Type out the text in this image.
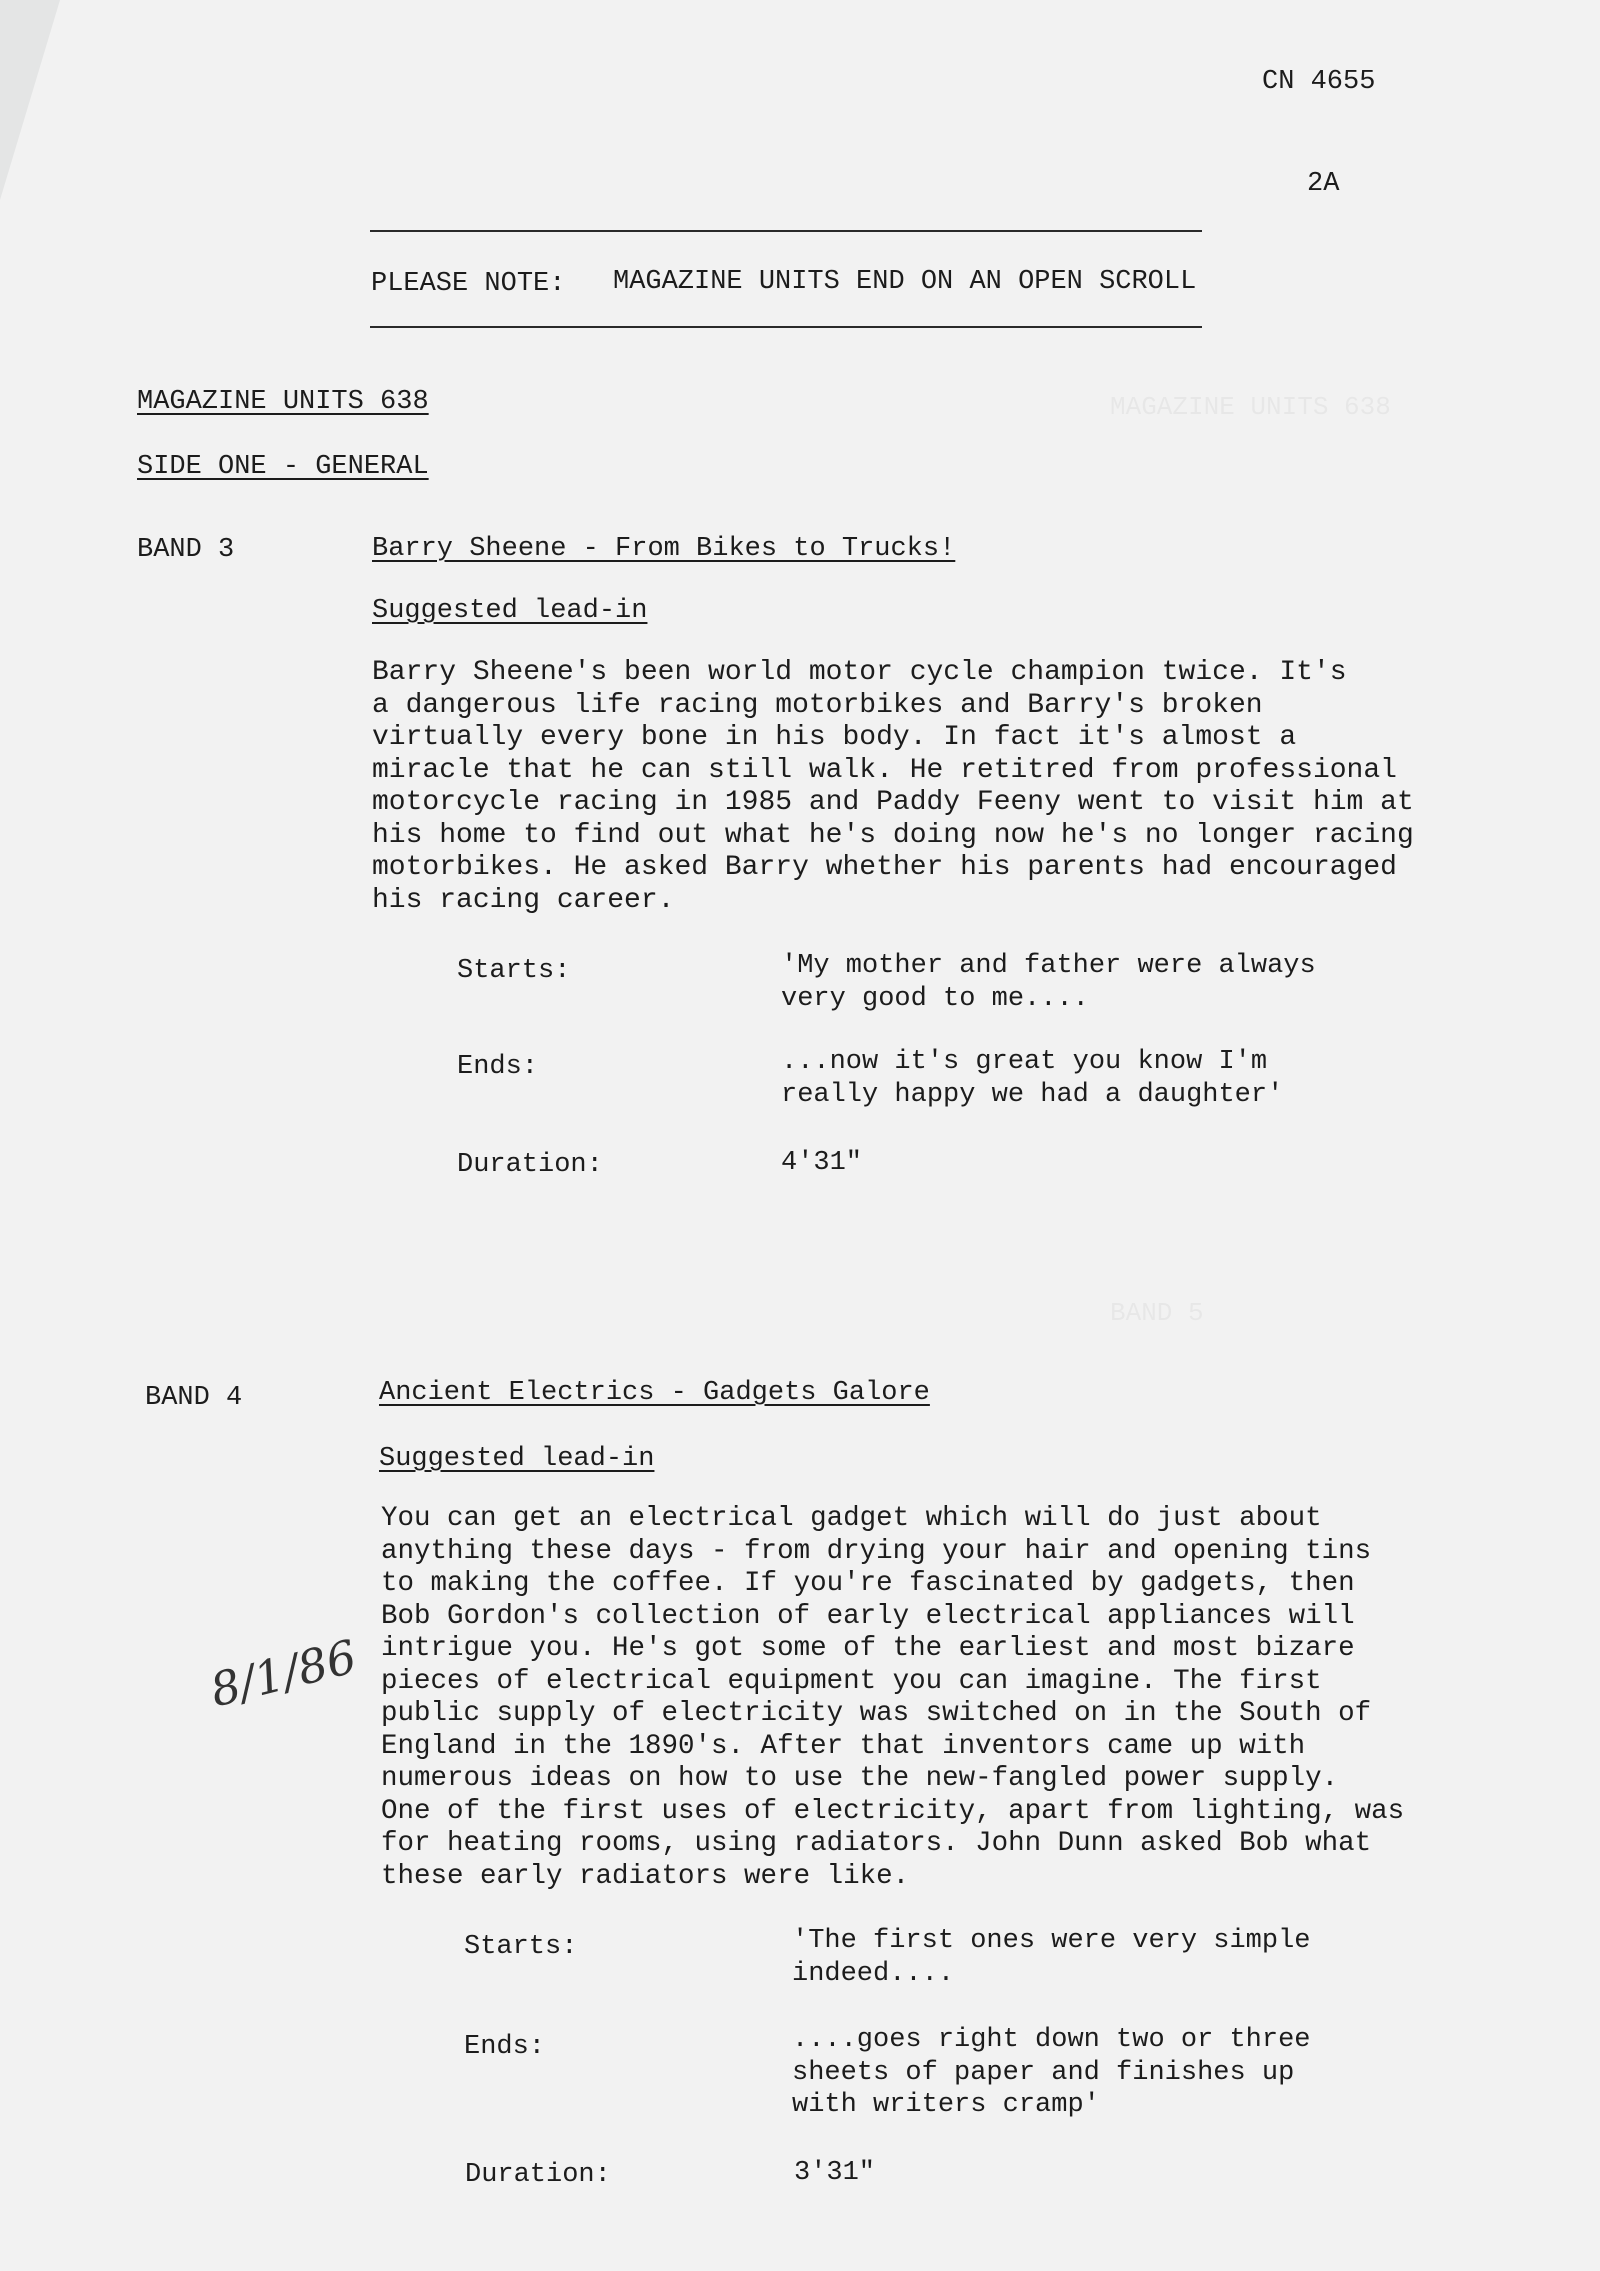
CN 4655
2A
PLEASE NOTE: MAGAZINE UNITS END ON AN OPEN SCROLL
MAGAZINE UNITS 638
SIDE ONE - GENERAL
BAND 3	Barry Sheene - From Bikes to Trucks!
Suggested lead-in
Barry Sheene's been world motor cycle champion twice. It's
a dangerous life racing motorbikes and Barry's broken
virtually every bone in his body. In fact it's almost a
miracle that he can still walk. He retitred from professional
motorcycle racing in 1985 and Paddy Feeny went to visit him at
his home to find out what he's doing now he's no longer racing
motorbikes. He asked Barry whether his parents had encouraged
his racing career.
Starts:	'My mother and father were always
very good to me....
Ends:	...now it's great you know I'm
really happy we had a daughter'
Duration:	4'31"
BAND 4	Ancient Electrics - Gadgets Galore
Suggested lead-in
You can get an electrical gadget which will do just about
anything these days - from drying your hair and opening tins
to making the coffee. If you're fascinated by gadgets, then
Bob Gordon's collection of early electrical appliances will
intrigue you. He's got some of the earliest and most bizare
pieces of electrical equipment you can imagine. The first
public supply of electricity was switched on in the South of
England in the 1890's. After that inventors came up with
numerous ideas on how to use the new-fangled power supply.
One of the first uses of electricity, apart from lighting, was
for heating rooms, using radiators. John Dunn asked Bob what
these early radiators were like.
Starts:	'The first ones were very simple
indeed....
Ends:	....goes right down two or three
sheets of paper and finishes up
with writers cramp'
Duration:	3'31"
8/1/86
